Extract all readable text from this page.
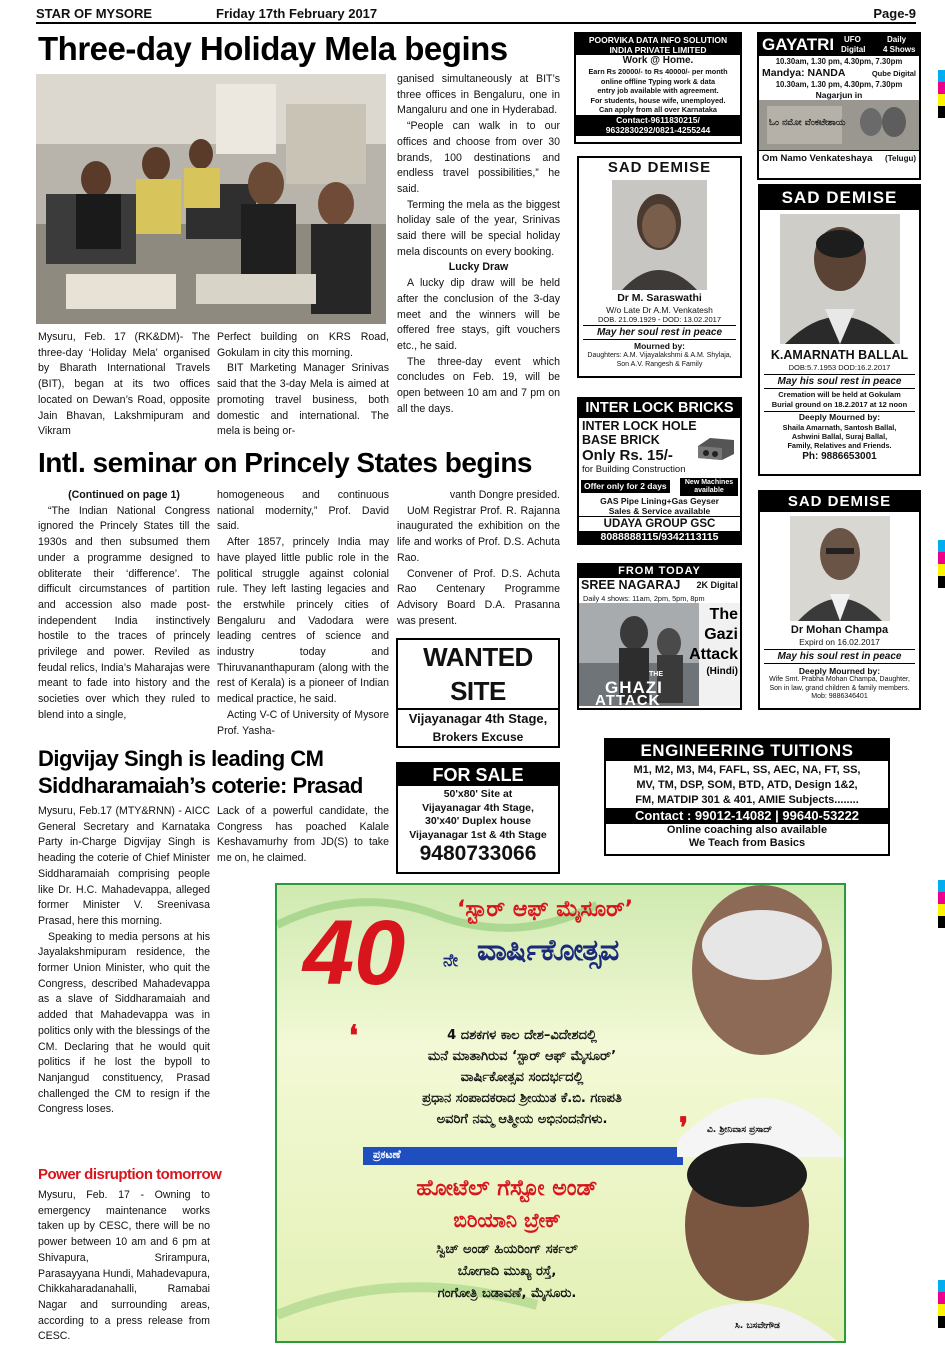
STAR OF MYSORE	Friday 17th February 2017	Page-9
Three-day Holiday Mela begins

Mysuru, Feb. 17 (RK&DM)- The three-day ‘Holiday Mela’ organised by Bharath International Travels (BIT), began at its two offices located on Dewan’s Road, opposite Jain Bhavan, Lakshmipuram and Vikram

Perfect building on KRS Road, Gokulam in city this morning.

BIT Marketing Manager Srinivas said that the 3-day Mela is aimed at promoting travel business, both domestic and international. The mela is being or-

ganised simultaneously at BIT’s three offices in Bengaluru, one in Mangaluru and one in Hyderabad.

“People can walk in to our offices and choose from over 30 brands, 100 destinations and endless travel possibilities,” he said.

Terming the mela as the biggest holiday sale of the year, Srinivas said there will be special holiday mela discounts on every booking.

Lucky Draw

A lucky dip draw will be held after the conclusion of the 3-day meet and the winners will be offered free stays, gift vouchers etc., he said.

The three-day event which concludes on Feb. 19, will be open between 10 am and 7 pm on all the days.

Intl. seminar on Princely States begins

(Continued on page 1)

“The Indian National Congress ignored the Princely States till the 1930s and then subsumed them under a programme designed to obliterate their ‘difference’. The difficult circumstances of partition and accession also made post-independent India instinctively hostile to the traces of princely privilege and power. Reviled as feudal relics, India’s Maharajas were meant to fade into history and the societies over which they ruled to blend into a single,

homogeneous and continuous national modernity,” Prof. David said.

After 1857, princely India may have played little public role in the political struggle against colonial rule. They left lasting legacies and the erstwhile princely cities of Bengaluru and Vadodara were leading centres of science and industry today and Thiruvananthapuram (along with the rest of Kerala) is a pioneer of Indian medical practice, he said.

Acting V-C of University of Mysore Prof. Yasha-

vanth Dongre presided.

UoM Registrar Prof. R. Rajanna inaugurated the exhibition on the life and works of Prof. D.S. Achuta Rao.

Convener of Prof. D.S. Achuta Rao Centenary Programme Advisory Board D.A. Prasanna was present.

WANTED SITE
Vijayanagar 4th Stage,
Brokers Excuse
Digvijay Singh is leading CM
Siddharamaiah’s coterie: Prasad

Mysuru, Feb.17 (MTY&RNN) - AICC General Secretary and Karnataka Party in-Charge Digvijay Singh is heading the coterie of Chief Minister Siddharamaiah comprising people like Dr. H.C. Mahadevappa, alleged former Minister V. Sreenivasa Prasad, here this morning.

Speaking to media persons at his Jayalakshmipuram residence, the former Union Minister, who quit the Congress, described Mahadevappa as a slave of Siddharamaiah and added that Mahadevappa was in politics only with the blessings of the CM. Declaring that he would quit politics if he lost the bypoll to Nanjangud constituency, Prasad challenged the CM to resign if the Congress loses.

Lack of a powerful candidate, the Congress has poached Kalale Keshavamurhy from JD(S) to take me on, he claimed.

FOR SALE
50'x80' Site at
Vijayanagar 4th Stage,
30'x40' Duplex house
Vijayanagar 1st & 4th Stage
9480733066
Power disruption tomorrow

Mysuru, Feb. 17 - Owning to emergency maintenance works taken up by CESC, there will be no power between 10 am and 6 pm at Shivapura, Srirampura, Parasayyana Hundi, Mahadevapura, Chikkaharadanahalli, Ramabai Nagar and surrounding areas, according to a press release from CESC.

POORVIKA DATA INFO SOLUTION
INDIA PRIVATE LIMITED
Work @ Home.
Earn Rs 20000/- to Rs 40000/- per month
online offline Typing work & data
entry job available with agreement.
For students, house wife, unemployed.
Can apply from all over Karnataka
Contact-9611830215/
9632830292/0821-4255244
GAYATRI UFO
Digital
Daily
4 Shows
10.30am, 1.30 pm, 4.30pm, 7.30pm
Mandya: NANDA	Qube Digital
10.30am, 1.30 pm, 4.30pm, 7.30pm
Nagarjun in
ಓಂ ನಮೋ ವೆಂಕಟೇಶಾಯ
Om Namo Venkateshaya (Telugu)
SAD DEMISE
Dr M. Saraswathi
W/o Late Dr A.M. Venkatesh
DOB. 21.09.1929 - DOD: 13.02.2017
May her soul rest in peace
Mourned by:
Daughters: A.M. Vijayalakshmi & A.M. Shylaja, Son A.V. Rangesh & Family
SAD DEMISE
K.AMARNATH BALLAL
DOB:5.7.1953 DOD:16.2.2017
May his soul rest in peace
Cremation will be held at Gokulam
Burial ground on 18.2.2017 at 12 noon
Deeply Mourned by:
Shaila Amarnath, Santosh Ballal,
Ashwini Ballal, Suraj Ballal,
Family, Relatives and Friends.
Ph: 9886653001
INTER LOCK BRICKS
INTER LOCK HOLE
BASE BRICK
Only Rs. 15/-
for Building Construction
Offer only for 2 days	New Machines
available
GAS Pipe Lining+Gas Geyser
Sales & Service available
UDAYA GROUP GSC
8088888115/9342113115
FROM TODAY
SREE NAGARAJ 2K Digital
Daily 4 shows: 11am, 2pm, 5pm, 8pm
THE
GHAZI
ATTACK
The
Gazi
Attack
(Hindi)
SAD DEMISE
Dr Mohan Champa
Expird on 16.02.2017
May his soul rest in peace
Deeply Mourned by:
Wife Smt. Prabha Mohan Champa, Daughter, Son in law, grand children & family members. Mob: 9886346401
ENGINEERING TUITIONS
M1, M2, M3, M4, FAFL, SS, AEC, NA, FT, SS,
MV, TM, DSP, SOM, BTD, ATD, Design 1&2,
FM, MATDIP 301 & 401, AMIE Subjects........
Contact : 99012-14082 | 99640-53222
Online coaching also available
We Teach from Basics
40 ನೇ
‘ಸ್ಟಾರ್ ಆಫ್ ಮೈಸೂರ್’
ವಾರ್ಷಿಕೋತ್ಸವ
4 ದಶಕಗಳ ಕಾಲ ದೇಶ–ವಿದೇಶದಲ್ಲಿ
ಮನೆ ಮಾತಾಗಿರುವ ‘ಸ್ಟಾರ್ ಆಫ್ ಮೈಸೂರ್’
ವಾರ್ಷಿಕೋತ್ಸವ ಸಂದರ್ಭದಲ್ಲಿ
ಪ್ರಧಾನ ಸಂಪಾದಕರಾದ ಶ್ರೀಯುತ ಕೆ.ಬಿ. ಗಣಪತಿ
ಅವರಿಗೆ ನಮ್ಮ ಆತ್ಮೀಯ ಅಭಿನಂದನೆಗಳು.
❛
❜ ವಿ. ಶ್ರೀನಿವಾಸ ಪ್ರಸಾದ್
ಪ್ರಕಟಣೆ
ಹೋಟೆಲ್ ಗೆಸ್ಟೋ ಅಂಡ್
ಬಿರಿಯಾನಿ ಬ್ರೇಕ್
ಸ್ವಿಚ್ ಅಂಡ್ ಹಿಯರಿಂಗ್ ಸರ್ಕಲ್
ಬೋಗಾದಿ ಮುಖ್ಯ ರಸ್ತೆ,
ಗಂಗೋತ್ರಿ ಬಡಾವಣೆ, ಮೈಸೂರು.
ಸಿ. ಬಸವೇಗೌಡ
